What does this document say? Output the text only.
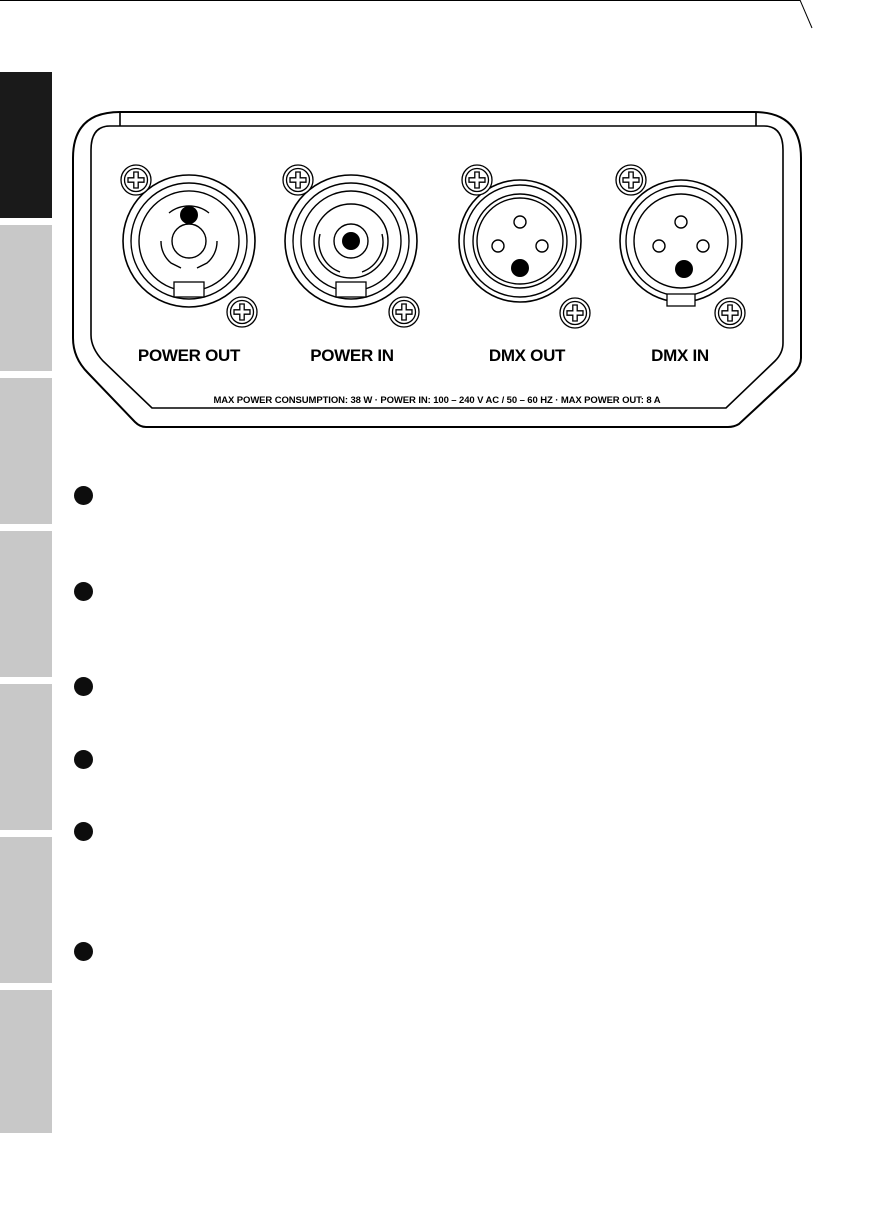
POWER OUT	POWER IN	DMX OUT	DMX IN
MAX POWER CONSUMPTION: 38 W · POWER IN: 100 – 240 V AC / 50 – 60 HZ · MAX POWER OUT: 8 A
